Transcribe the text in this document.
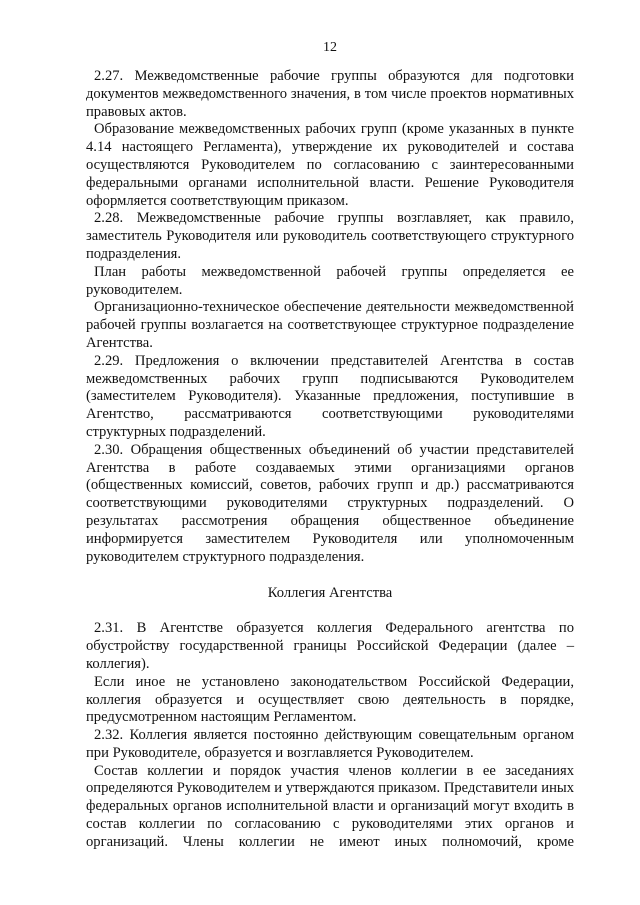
12

2.27. Межведомственные рабочие группы образуются для подготовки документов межведомственного значения, в том числе проектов нормативных правовых актов.

Образование межведомственных рабочих групп (кроме указанных в пункте 4.14 настоящего Регламента), утверждение их руководителей и состава осуществляются Руководителем по согласованию с заинтересованными федеральными органами исполнительной власти. Решение Руководителя оформляется соответствующим приказом.

2.28. Межведомственные рабочие группы возглавляет, как правило, заместитель Руководителя или руководитель соответствующего структурного подразделения.

План работы межведомственной рабочей группы определяется ее руководителем.

Организационно-техническое обеспечение деятельности межведомственной рабочей группы возлагается на соответствующее структурное подразделение Агентства.

2.29. Предложения о включении представителей Агентства в состав межведомственных рабочих групп подписываются Руководителем (заместителем Руководителя). Указанные предложения, поступившие в Агентство, рассматриваются соответствующими руководителями структурных подразделений.

2.30. Обращения общественных объединений об участии представителей Агентства в работе создаваемых этими организациями органов (общественных комиссий, советов, рабочих групп и др.) рассматриваются соответствующими руководителями структурных подразделений. О результатах рассмотрения обращения общественное объединение информируется заместителем Руководителя или уполномоченным руководителем структурного подразделения.

Коллегия Агентства

2.31. В Агентстве образуется коллегия Федерального агентства по обустройству государственной границы Российской Федерации (далее – коллегия).

Если иное не установлено законодательством Российской Федерации, коллегия образуется и осуществляет свою деятельность в порядке, предусмотренном настоящим Регламентом.

2.32. Коллегия является постоянно действующим совещательным органом при Руководителе, образуется и возглавляется Руководителем.

Состав коллегии и порядок участия членов коллегии в ее заседаниях определяются Руководителем и утверждаются приказом. Представители иных федеральных органов исполнительной власти и организаций могут входить в состав коллегии по согласованию с руководителями этих органов и организаций. Члены коллегии не имеют иных полномочий, кроме
